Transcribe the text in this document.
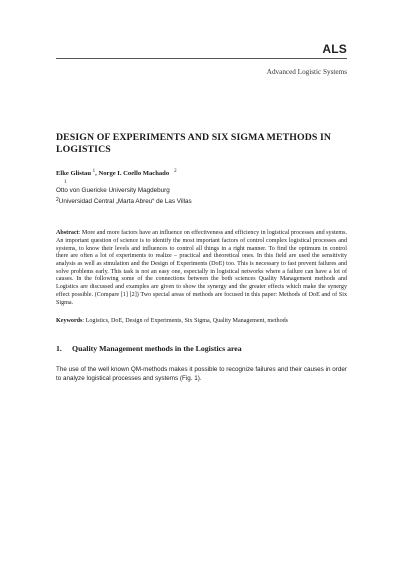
ALS
Advanced Logistic Systems
DESIGN OF EXPERIMENTS AND SIX SIGMA METHODS IN LOGISTICS
Elke Glistau $^1$, Norge I. Coello Machado $^2$
1
Otto von Guericke University Magdeburg
$^2$Universidad Central „Marta Abreu“ de Las Villas

Abstract: More and more factors have an influence on effectiveness and efficiency in logistical processes and systems. An important question of science is to identify the most important factors of control complex logistical processes and systems, to know their levels and influences to control all things in a right manner. To find the optimum in control there are often a lot of experiments to realize – practical and theoretical ones. In this field are used the sensitivity analysis as well as simulation and the Design of Experiments (DoE) too. This is necessary to fast prevent failures and solve problems early. This task is not an easy one, especially in logistical networks where a failure can have a lot of causes. In the following some of the connections between the both sciences Quality Management methods and Logistics are discussed and examples are given to show the synergy and the greater effects which make the synergy effect possible. (Compare [1] [2]) Two special areas of methods are focused in this paper: Methods of DoE and of Six Sigma.

Keywords: Logistics, DoE, Design of Experiments, Six Sigma, Quality Management, methods
1.	Quality Management methods in the Logistics area

The use of the well known QM-methods makes it possible to recognize failures and their causes in order to analyze logistical processes and systems (Fig. 1).
